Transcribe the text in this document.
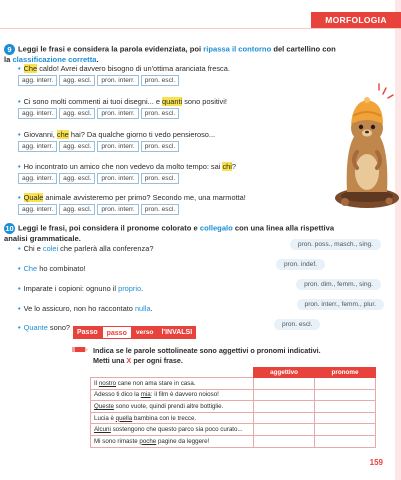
MORFOLOGIA
9 Leggi le frasi e considera la parola evidenziata, poi ripassa il contorno del cartellino con la classificazione corretta.
• Che caldo! Avrei davvero bisogno di un'ottima aranciata fresca.
agg. interr.	agg. escl.	pron. interr.	pron. escl.
• Ci sono molti commenti ai tuoi disegni... e quanti sono positivi!
agg. interr.	agg. escl.	pron. interr.	pron. escl.
• Giovanni, che hai? Da qualche giorno ti vedo pensieroso...
agg. interr.	agg. escl.	pron. interr.	pron. escl.
• Ho incontrato un amico che non vedevo da molto tempo: sai chi?
agg. interr.	agg. escl.	pron. interr.	pron. escl.
• Quale animale avvisteremo per primo? Secondo me, una marmotta!
agg. interr.	agg. escl.	pron. interr.	pron. escl.
10 Leggi le frasi, poi considera il pronome colorato e collegalo con una linea alla rispettiva analisi grammaticale.
• Chi e colei che parlerà alla conferenza?
• Che ho combinato!
• Imparate i copioni: ognuno il proprio.
• Ve lo assicuro, non ho raccontato nulla.
• Quante sono?
pron. poss., masch., sing.
pron. indef.
pron. dim., femm., sing.
pron. interr., femm., plur.
pron. escl.
Passo	passo	verso	l'INVALSI
Indica se le parole sottolineate sono aggettivi o pronomi indicativi.
Metti una X per ogni frase.
	aggettivo	pronome
Il nostro cane non ama stare in casa.		
Adesso ti dico la mia: il film è davvero noioso!		
Queste sono vuote, quindi prendi altre bottiglie.		
Lucia è quella bambina con le trecce.		
Alcuni sostengono che questo parco sia poco curato...		
Mi sono rimaste poche pagine da leggere!		
159
